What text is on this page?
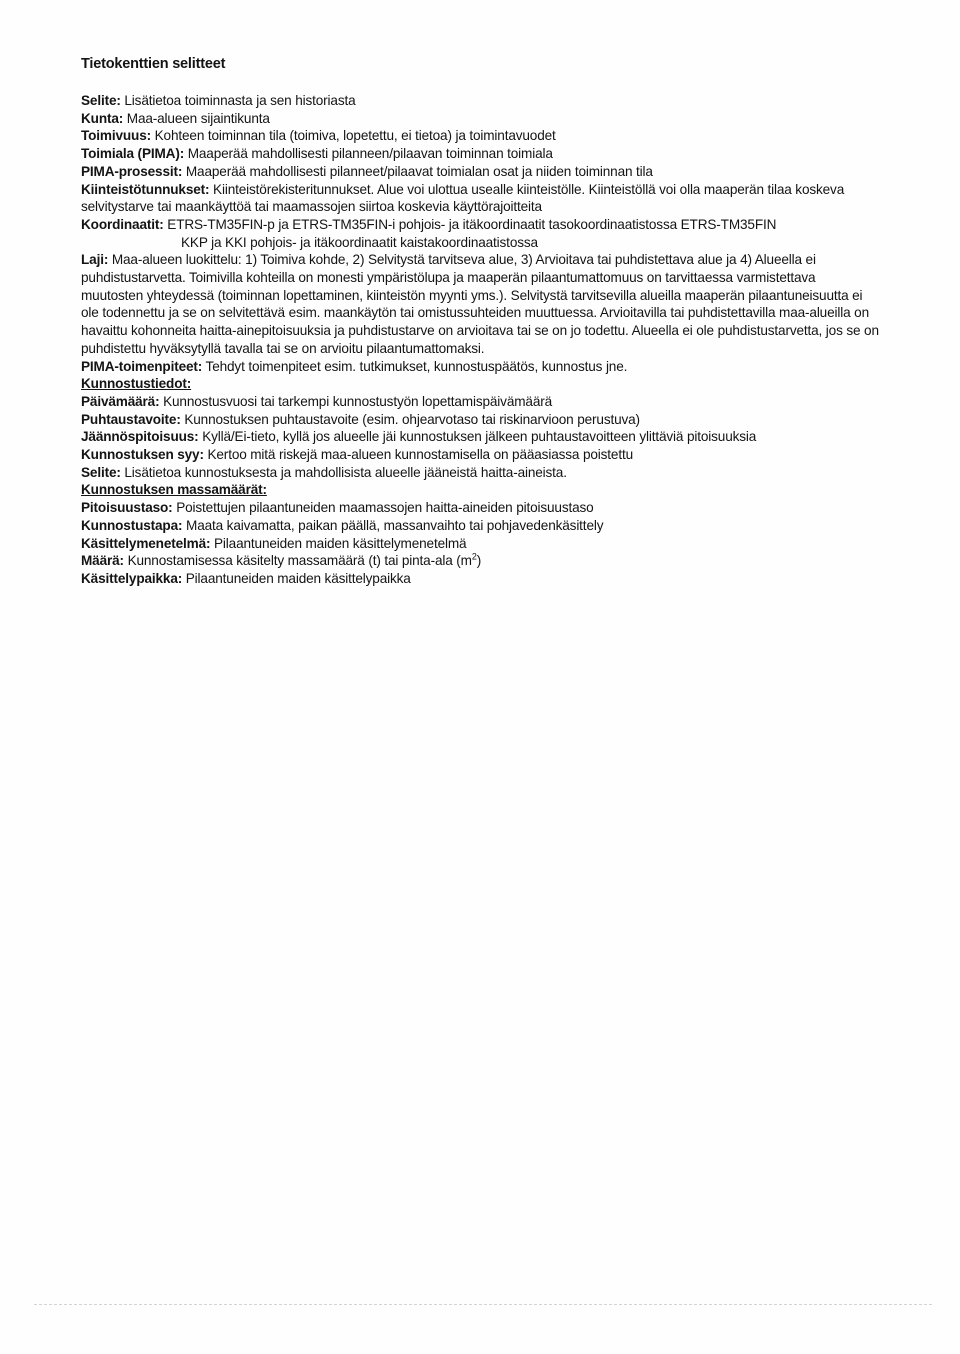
Tietokenttien selitteet
Selite: Lisätietoa toiminnasta ja sen historiasta
Kunta: Maa-alueen sijaintikunta
Toimivuus: Kohteen toiminnan tila (toimiva, lopetettu, ei tietoa) ja toimintavuodet
Toimiala (PIMA): Maaperää mahdollisesti pilanneen/pilaavan toiminnan toimiala
PIMA-prosessit: Maaperää mahdollisesti pilanneet/pilaavat toimialan osat ja niiden toiminnan tila
Kiinteistötunnukset: Kiinteistörekisteritunnukset. Alue voi ulottua usealle kiinteistölle. Kiinteistöllä voi olla maaperän tilaa koskeva selvitystarve tai maankäyttöä tai maamassojen siirtoa koskevia käyttörajoitteita
Koordinaatit: ETRS-TM35FIN-p ja ETRS-TM35FIN-i pohjois- ja itäkoordinaatit tasokoordinaatistossa ETRS-TM35FIN
KKP ja KKI pohjois- ja itäkoordinaatit kaistakoordinaatistossa
Laji: Maa-alueen luokittelu: 1) Toimiva kohde, 2) Selvitystä tarvitseva alue, 3) Arvioitava tai puhdistettava alue ja 4) Alueella ei puhdistustarvetta. Toimivilla kohteilla on monesti ympäristölupa ja maaperän pilaantumattomuus on tarvittaessa varmistettava muutosten yhteydessä (toiminnan lopettaminen, kiinteistön myynti yms.). Selvitystä tarvitsevilla alueilla maaperän pilaantuneisuutta ei ole todennettu ja se on selvitettävä esim. maankäytön tai omistussuhteiden muuttuessa. Arvioitavilla tai puhdistettavilla maa-alueilla on havaittu kohonneita haitta-ainepitoisuuksia ja puhdistustarve on arvioitava tai se on jo todettu. Alueella ei ole puhdistustarvetta, jos se on puhdistettu hyväksytyllä tavalla tai se on arvioitu pilaantumattomaksi.
PIMA-toimenpiteet: Tehdyt toimenpiteet esim. tutkimukset, kunnostuspäätös, kunnostus jne.
Kunnostustiedot:
Päivämäärä: Kunnostusvuosi tai tarkempi kunnostustyön lopettamispäivämäärä
Puhtaustavoite: Kunnostuksen puhtaustavoite (esim. ohjearvotaso tai riskinarvioon perustuva)
Jäännöspitoisuus: Kyllä/Ei-tieto, kyllä jos alueelle jäi kunnostuksen jälkeen puhtaustavoitteen ylittäviä pitoisuuksia
Kunnostuksen syy: Kertoo mitä riskejä maa-alueen kunnostamisella on pääasiassa poistettu
Selite: Lisätietoa kunnostuksesta ja mahdollisista alueelle jääneistä haitta-aineista.
Kunnostuksen massamäärät:
Pitoisuustaso: Poistettujen pilaantuneiden maamassojen haitta-aineiden pitoisuustaso
Kunnostustapa: Maata kaivamatta, paikan päällä, massanvaihto tai pohjavedenkäsittely
Käsittelymenetelmä: Pilaantuneiden maiden käsittelymenetelmä
Määrä: Kunnostamisessa käsitelty massamäärä (t) tai pinta-ala $(m^2)$
Käsittelypaikka: Pilaantuneiden maiden käsittelypaikka
